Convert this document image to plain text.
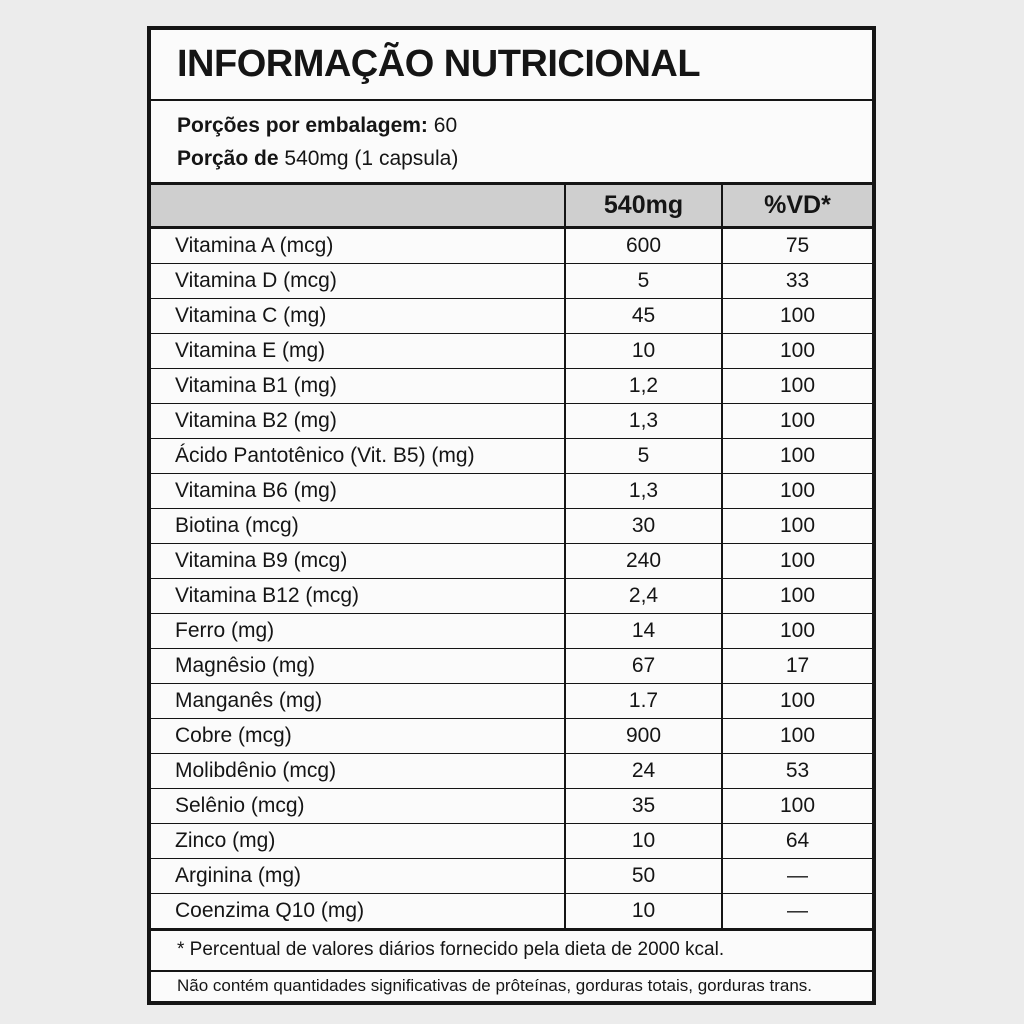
INFORMAÇÃO NUTRICIONAL
Porções por embalagem: 60
Porção de 540mg (1 capsula)
	540mg	%VD*
Vitamina A (mcg)	600	75
Vitamina D (mcg)	5	33
Vitamina C (mg)	45	100
Vitamina E (mg)	10	100
Vitamina B1 (mg)	1,2	100
Vitamina B2 (mg)	1,3	100
Ácido Pantotênico (Vit. B5) (mg)	5	100
Vitamina B6 (mg)	1,3	100
Biotina (mcg)	30	100
Vitamina B9 (mcg)	240	100
Vitamina B12 (mcg)	2,4	100
Ferro (mg)	14	100
Magnêsio (mg)	67	17
Manganês (mg)	1.7	100
Cobre (mcg)	900	100
Molibdênio (mcg)	24	53
Selênio (mcg)	35	100
Zinco (mg)	10	64
Arginina (mg)	50	—
Coenzima Q10 (mg)	10	—
* Percentual de valores diários fornecido pela dieta de 2000 kcal.
Não contém quantidades significativas de prôteínas, gorduras totais, gorduras trans.
